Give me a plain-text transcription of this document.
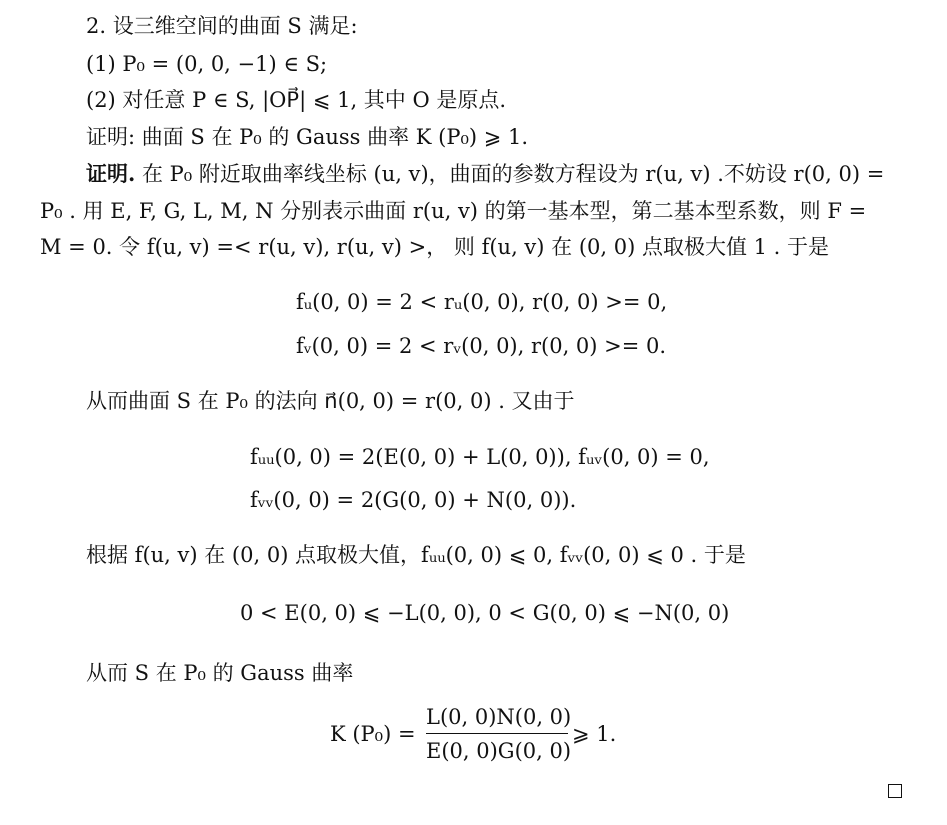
2. 设三维空间的曲面 S 满足:
(1) P₀ = (0, 0, −1) ∈ S;
(2) 对任意 P ∈ S, |OP⃗| ⩽ 1, 其中 O 是原点.
证明: 曲面 S 在 P₀ 的 Gauss 曲率 K (P₀) ⩾ 1.
证明. 在 P₀ 附近取曲率线坐标 (u, v)，曲面的参数方程设为 r(u, v) .不妨设 r(0, 0) =
P₀ . 用 E, F, G, L, M, N 分别表示曲面 r(u, v) 的第一基本型，第二基本型系数，则 F =
M = 0. 令 f(u, v) =< r(u, v), r(u, v) >， 则 f(u, v) 在 (0, 0) 点取极大值 1 . 于是
fᵤ(0, 0) = 2 < rᵤ(0, 0), r(0, 0) >= 0,
fᵥ(0, 0) = 2 < rᵥ(0, 0), r(0, 0) >= 0.
从而曲面 S 在 P₀ 的法向 n⃗(0, 0) = r(0, 0) . 又由于
fᵤᵤ(0, 0) = 2(E(0, 0) + L(0, 0)), fᵤᵥ(0, 0) = 0,
fᵥᵥ(0, 0) = 2(G(0, 0) + N(0, 0)).
根据 f(u, v) 在 (0, 0) 点取极大值，fᵤᵤ(0, 0) ⩽ 0, fᵥᵥ(0, 0) ⩽ 0 . 于是
0 < E(0, 0) ⩽ −L(0, 0), 0 < G(0, 0) ⩽ −N(0, 0)
从而 S 在 P₀ 的 Gauss 曲率
K (P₀) =
L(0, 0)N(0, 0)
E(0, 0)G(0, 0)
⩾ 1.
